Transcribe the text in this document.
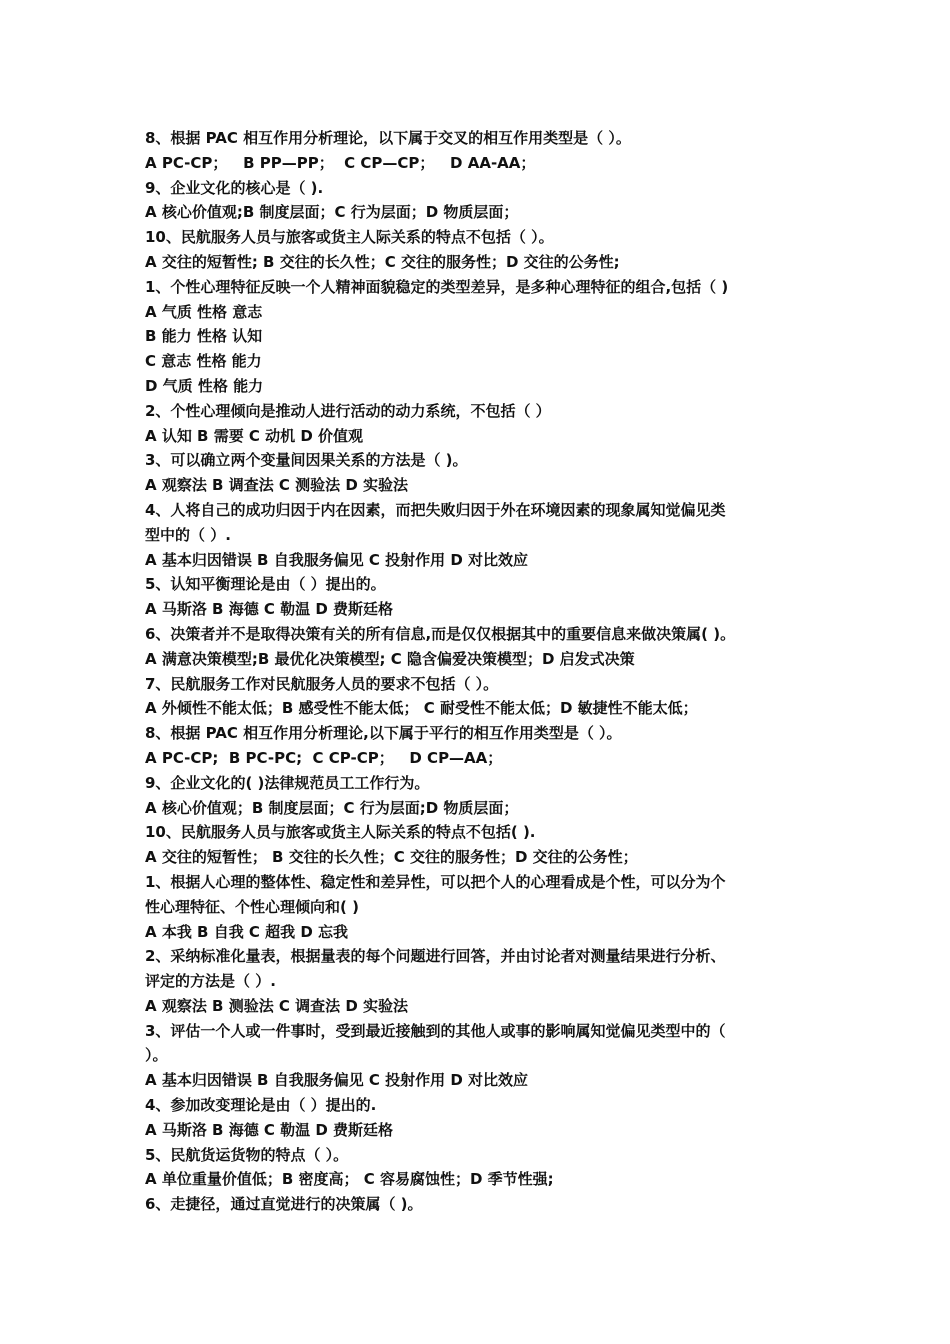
8、根据 PAC 相互作用分析理论，以下属于交叉的相互作用类型是（ ）。
A PC-CP；   B PP—PP；  C CP—CP；   D AA-AA；
9、企业文化的核心是（ ).
A 核心价值观;B 制度层面；C 行为层面；D 物质层面；
10、民航服务人员与旅客或货主人际关系的特点不包括（ ）。
A 交往的短暂性; B 交往的长久性；C 交往的服务性；D 交往的公务性;
1、个性心理特征反映一个人精神面貌稳定的类型差异，是多种心理特征的组合,包括（ )
A 气质 性格 意志
B 能力 性格 认知
C 意志 性格 能力
D 气质 性格 能力
2、个性心理倾向是推动人进行活动的动力系统，不包括（ ）
A 认知 B 需要 C 动机 D 价值观
3、可以确立两个变量间因果关系的方法是（ )。
A 观察法 B 调查法 C 测验法 D 实验法
4、人将自己的成功归因于内在因素，而把失败归因于外在环境因素的现象属知觉偏见类
型中的（ ）.
A 基本归因错误 B 自我服务偏见 C 投射作用 D 对比效应
5、认知平衡理论是由（ ）提出的。
A 马斯洛 B 海德 C 勒温 D 费斯廷格
6、决策者并不是取得决策有关的所有信息,而是仅仅根据其中的重要信息来做决策属( )。
A 满意决策模型;B 最优化决策模型; C 隐含偏爱决策模型；D 启发式决策
7、民航服务工作对民航服务人员的要求不包括（ ）。
A 外倾性不能太低；B 感受性不能太低； C 耐受性不能太低；D 敏捷性不能太低；
8、根据 PAC 相互作用分析理论,以下属于平行的相互作用类型是（ ）。
A PC-CP;  B PC-PC;  C CP-CP；   D CP—AA；
9、企业文化的( )法律规范员工工作行为。
A 核心价值观；B 制度层面；C 行为层面;D 物质层面；
10、民航服务人员与旅客或货主人际关系的特点不包括( ).
A 交往的短暂性； B 交往的长久性；C 交往的服务性；D 交往的公务性；
1、根据人心理的整体性、稳定性和差异性，可以把个人的心理看成是个性，可以分为个
性心理特征、个性心理倾向和( )
A 本我 B 自我 C 超我 D 忘我
2、采纳标准化量表，根据量表的每个问题进行回答，并由讨论者对测量结果进行分析、
评定的方法是（ ）.
A 观察法 B 测验法 C 调查法 D 实验法
3、评估一个人或一件事时，受到最近接触到的其他人或事的影响属知觉偏见类型中的（
）。
A 基本归因错误 B 自我服务偏见 C 投射作用 D 对比效应
4、参加改变理论是由（ ）提出的.
A 马斯洛 B 海德 C 勒温 D 费斯廷格
5、民航货运货物的特点（ ）。
A 单位重量价值低；B 密度高； C 容易腐蚀性；D 季节性强;
6、走捷径，通过直觉进行的决策属（ )。
